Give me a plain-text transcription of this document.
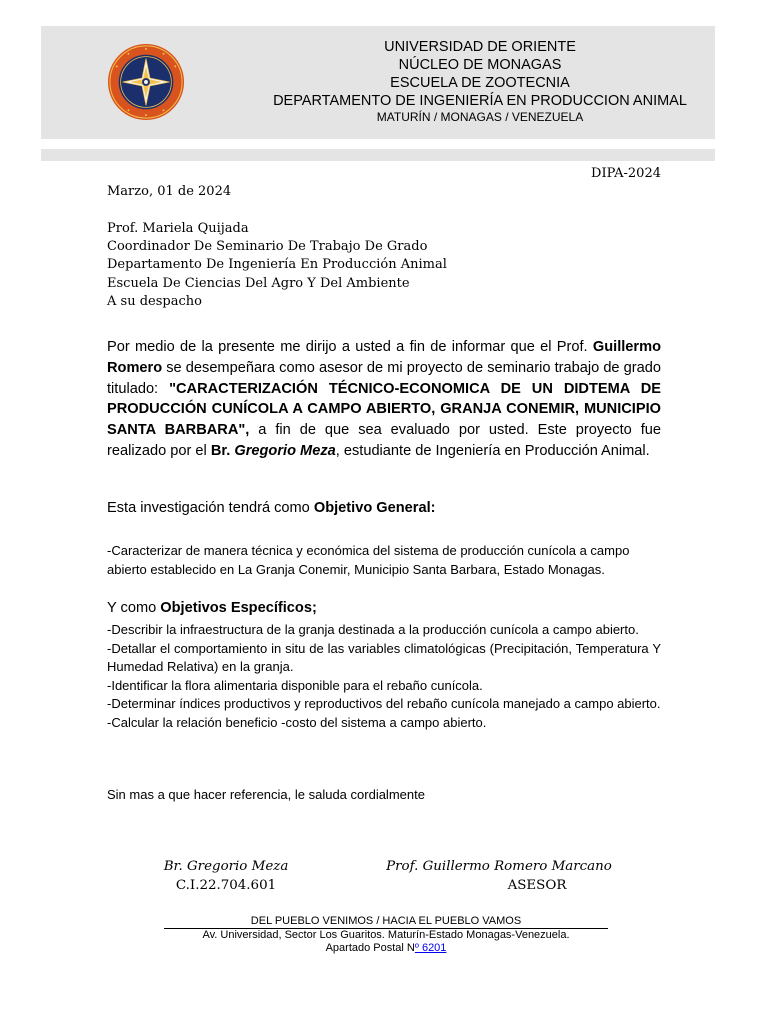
UNIVERSIDAD DE ORIENTE
NÚCLEO DE MONAGAS
ESCUELA DE ZOOTECNIA
DEPARTAMENTO DE INGENIERÍA EN PRODUCCION ANIMAL
MATURÍN / MONAGAS / VENEZUELA
DIPA-2024
Marzo, 01 de 2024
Prof. Mariela Quijada
Coordinador De Seminario De Trabajo De Grado
Departamento De Ingeniería En Producción Animal
Escuela De Ciencias Del Agro Y Del Ambiente
A su despacho
Por medio de la presente me dirijo a usted a fin de informar que el Prof. Guillermo Romero se desempeñara como asesor de mi proyecto de seminario trabajo de grado titulado: "CARACTERIZACIÓN TÉCNICO-ECONOMICA DE UN DIDTEMA DE PRODUCCIÓN CUNÍCOLA A CAMPO ABIERTO, GRANJA CONEMIR, MUNICIPIO SANTA BARBARA", a fin de que sea evaluado por usted. Este proyecto fue realizado por el Br. Gregorio Meza, estudiante de Ingeniería en Producción Animal.
Esta investigación tendrá como Objetivo General:
-Caracterizar de manera técnica y económica del sistema de producción cunícola a campo abierto establecido en La Granja Conemir, Municipio Santa Barbara, Estado Monagas.
Y como Objetivos Específicos;
-Describir la infraestructura de la granja destinada a la producción cunícola a campo abierto.
-Detallar el comportamiento in situ de las variables climatológicas (Precipitación, Temperatura Y Humedad Relativa) en la granja.
-Identificar la flora alimentaria disponible para el rebaño cunícola.
-Determinar índices productivos y reproductivos del rebaño cunícola manejado a campo abierto.
-Calcular la relación beneficio -costo del sistema a campo abierto.
Sin mas a que hacer referencia, le saluda cordialmente
Br. Gregorio Meza
C.I.22.704.601
Prof. Guillermo Romero Marcano
ASESOR
DEL PUEBLO VENIMOS / HACIA EL PUEBLO VAMOS
Av. Universidad, Sector Los Guaritos. Maturín-Estado Monagas-Venezuela.
Apartado Postal Nº 6201
